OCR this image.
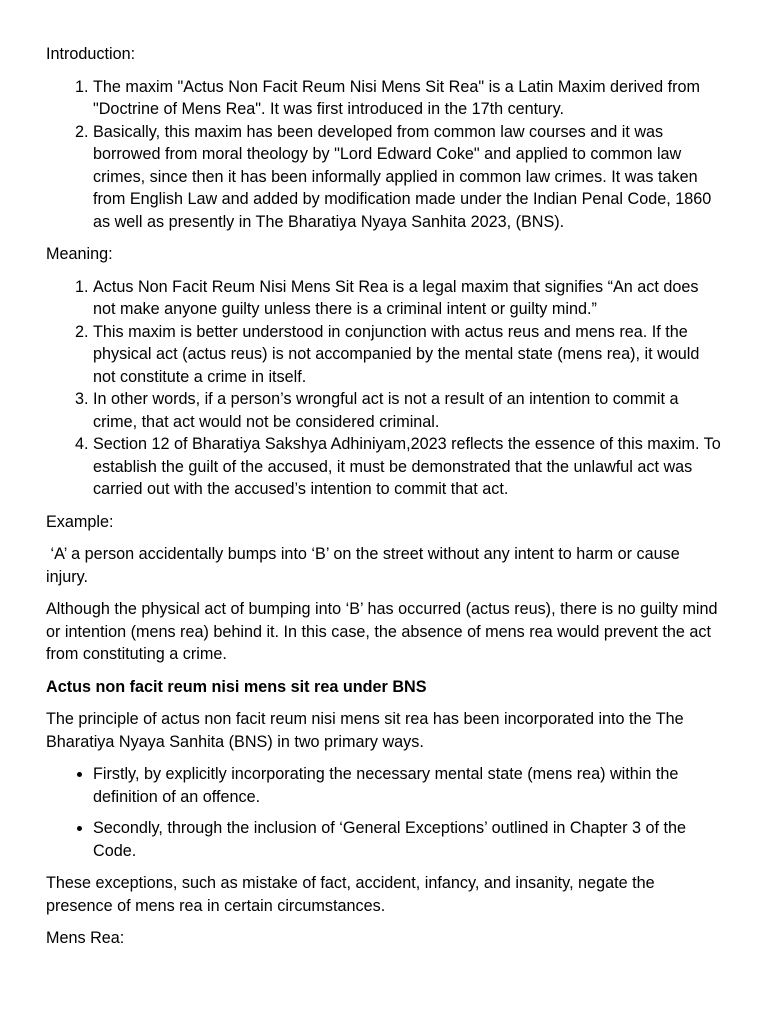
Introduction:

1. The maxim "Actus Non Facit Reum Nisi Mens Sit Rea" is a Latin Maxim derived from "Doctrine of Mens Rea". It was first introduced in the 17th century.
2. Basically, this maxim has been developed from common law courses and it was borrowed from moral theology by "Lord Edward Coke" and applied to common law crimes, since then it has been informally applied in common law crimes. It was taken from English Law and added by modification made under the Indian Penal Code, 1860 as well as presently in The Bharatiya Nyaya Sanhita 2023, (BNS).

Meaning:

1. Actus Non Facit Reum Nisi Mens Sit Rea is a legal maxim that signifies “An act does not make anyone guilty unless there is a criminal intent or guilty mind.”
2. This maxim is better understood in conjunction with actus reus and mens rea. If the physical act (actus reus) is not accompanied by the mental state (mens rea), it would not constitute a crime in itself.
3. In other words, if a person’s wrongful act is not a result of an intention to commit a crime, that act would not be considered criminal.
4. Section 12 of Bharatiya Sakshya Adhiniyam,2023 reflects the essence of this maxim. To establish the guilt of the accused, it must be demonstrated that the unlawful act was carried out with the accused’s intention to commit that act.

Example:

‘A’ a person accidentally bumps into ‘B’ on the street without any intent to harm or cause injury.

Although the physical act of bumping into ‘B’ has occurred (actus reus), there is no guilty mind or intention (mens rea) behind it. In this case, the absence of mens rea would prevent the act from constituting a crime.

Actus non facit reum nisi mens sit rea under BNS

The principle of actus non facit reum nisi mens sit rea has been incorporated into the The Bharatiya Nyaya Sanhita (BNS) in two primary ways.

• Firstly, by explicitly incorporating the necessary mental state (mens rea) within the definition of an offence.
• Secondly, through the inclusion of ‘General Exceptions’ outlined in Chapter 3 of the Code.

These exceptions, such as mistake of fact, accident, infancy, and insanity, negate the presence of mens rea in certain circumstances.

Mens Rea:
